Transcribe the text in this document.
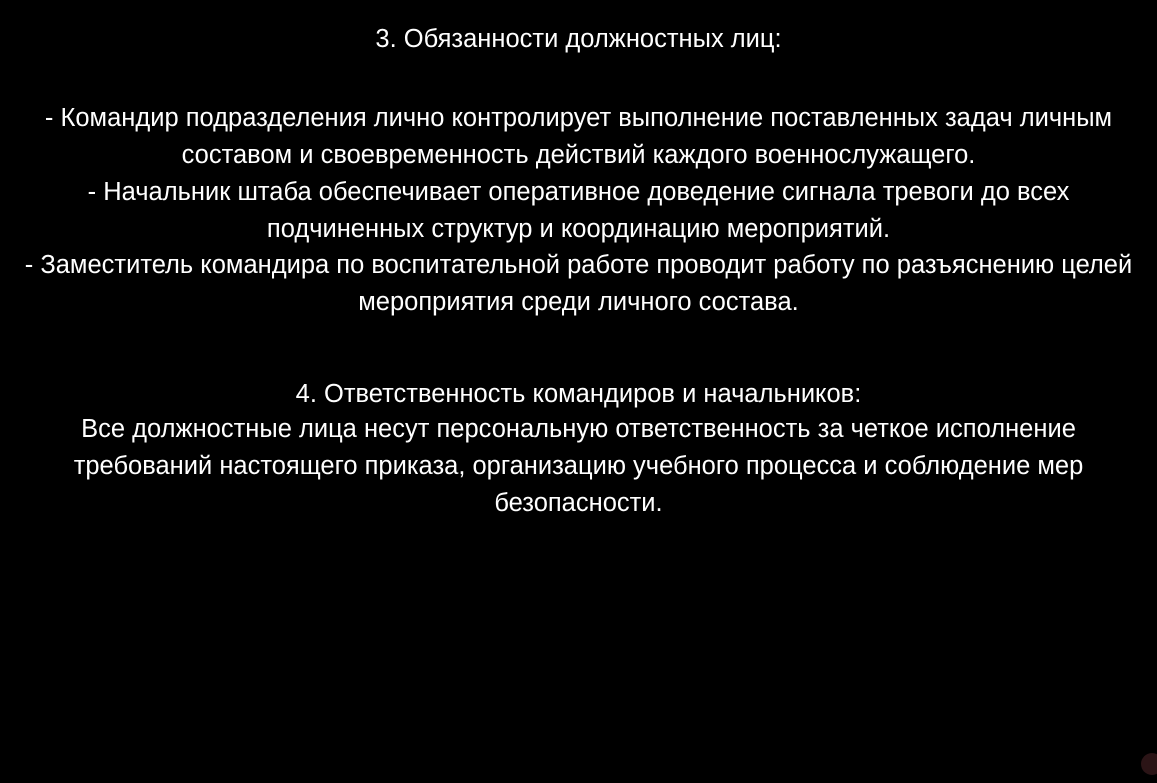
3. Обязанности должностных лиц:

- Командир подразделения лично контролирует выполнение поставленных задач личным составом и своевременность действий каждого военнослужащего.

- Начальник штаба обеспечивает оперативное доведение сигнала тревоги до всех подчиненных структур и координацию мероприятий.

- Заместитель командира по воспитательной работе проводит работу по разъяснению целей мероприятия среди личного состава.

4. Ответственность командиров и начальников:

Все должностные лица несут персональную ответственность за четкое исполнение требований настоящего приказа, организацию учебного процесса и соблюдение мер безопасности.
